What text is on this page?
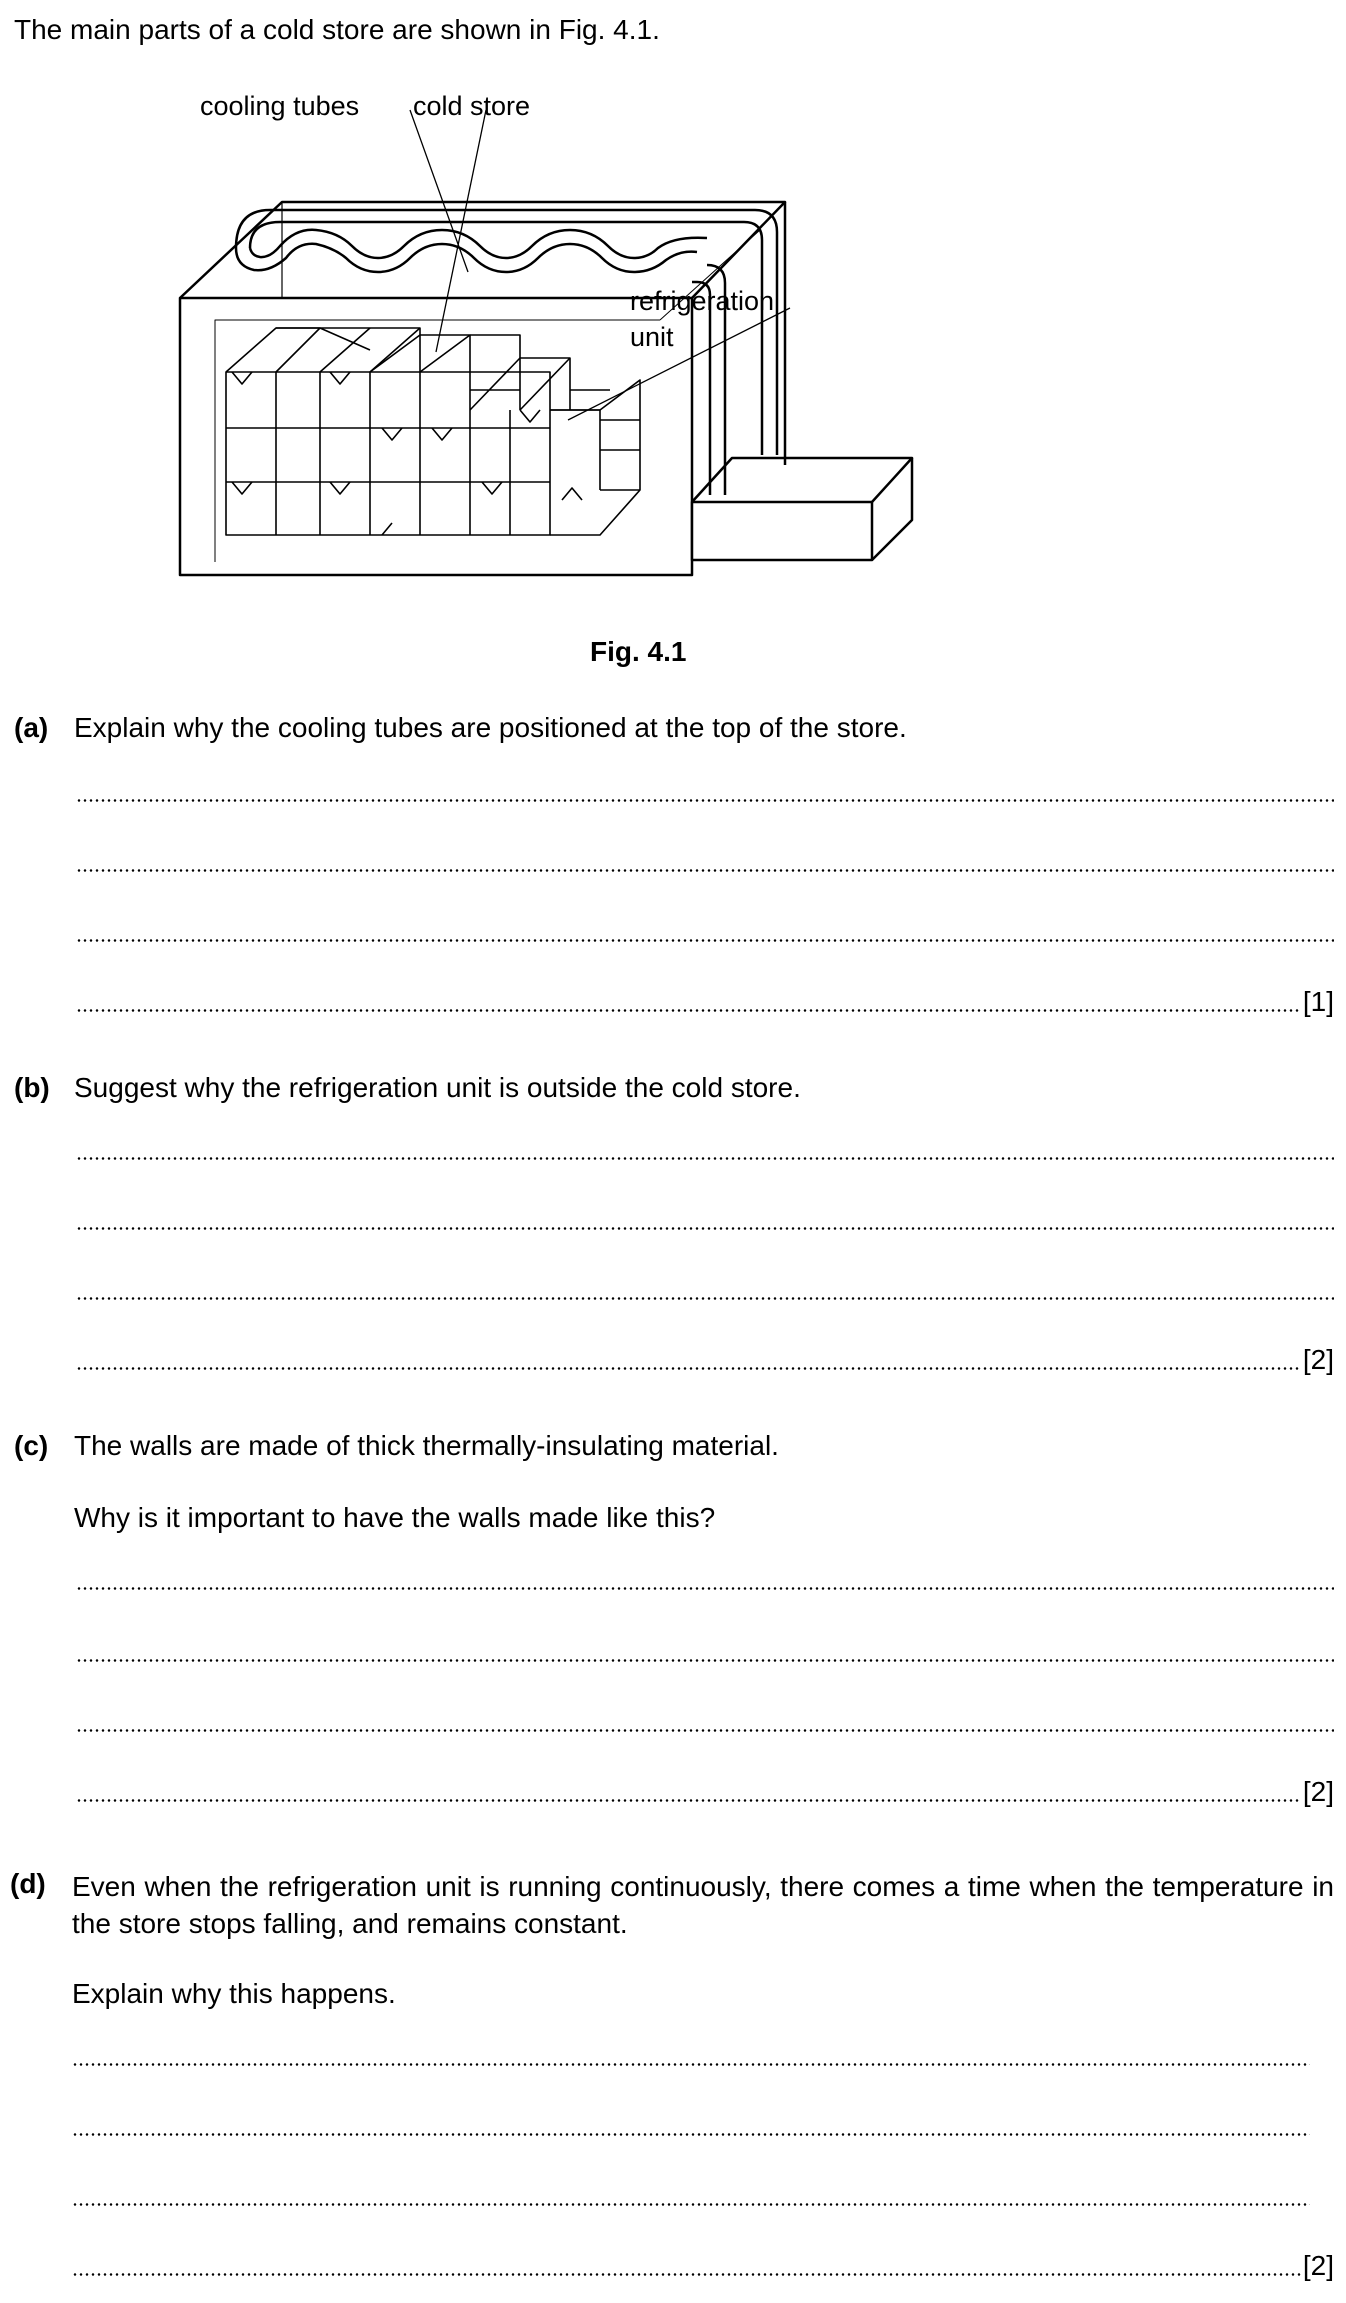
The main parts of a cold store are shown in Fig. 4.1.
cooling tubes cold store
refrigeration
unit
Fig. 4.1
(a) Explain why the cooling tubes are positioned at the top of the store.
[1]
(b) Suggest why the refrigeration unit is outside the cold store.
[2]
(c) The walls are made of thick thermally-insulating material.
Why is it important to have the walls made like this?
[2]
(d) Even when the refrigeration unit is running continuously, there comes a time when the temperature in the store stops falling, and remains constant.
Explain why this happens.
[2]
